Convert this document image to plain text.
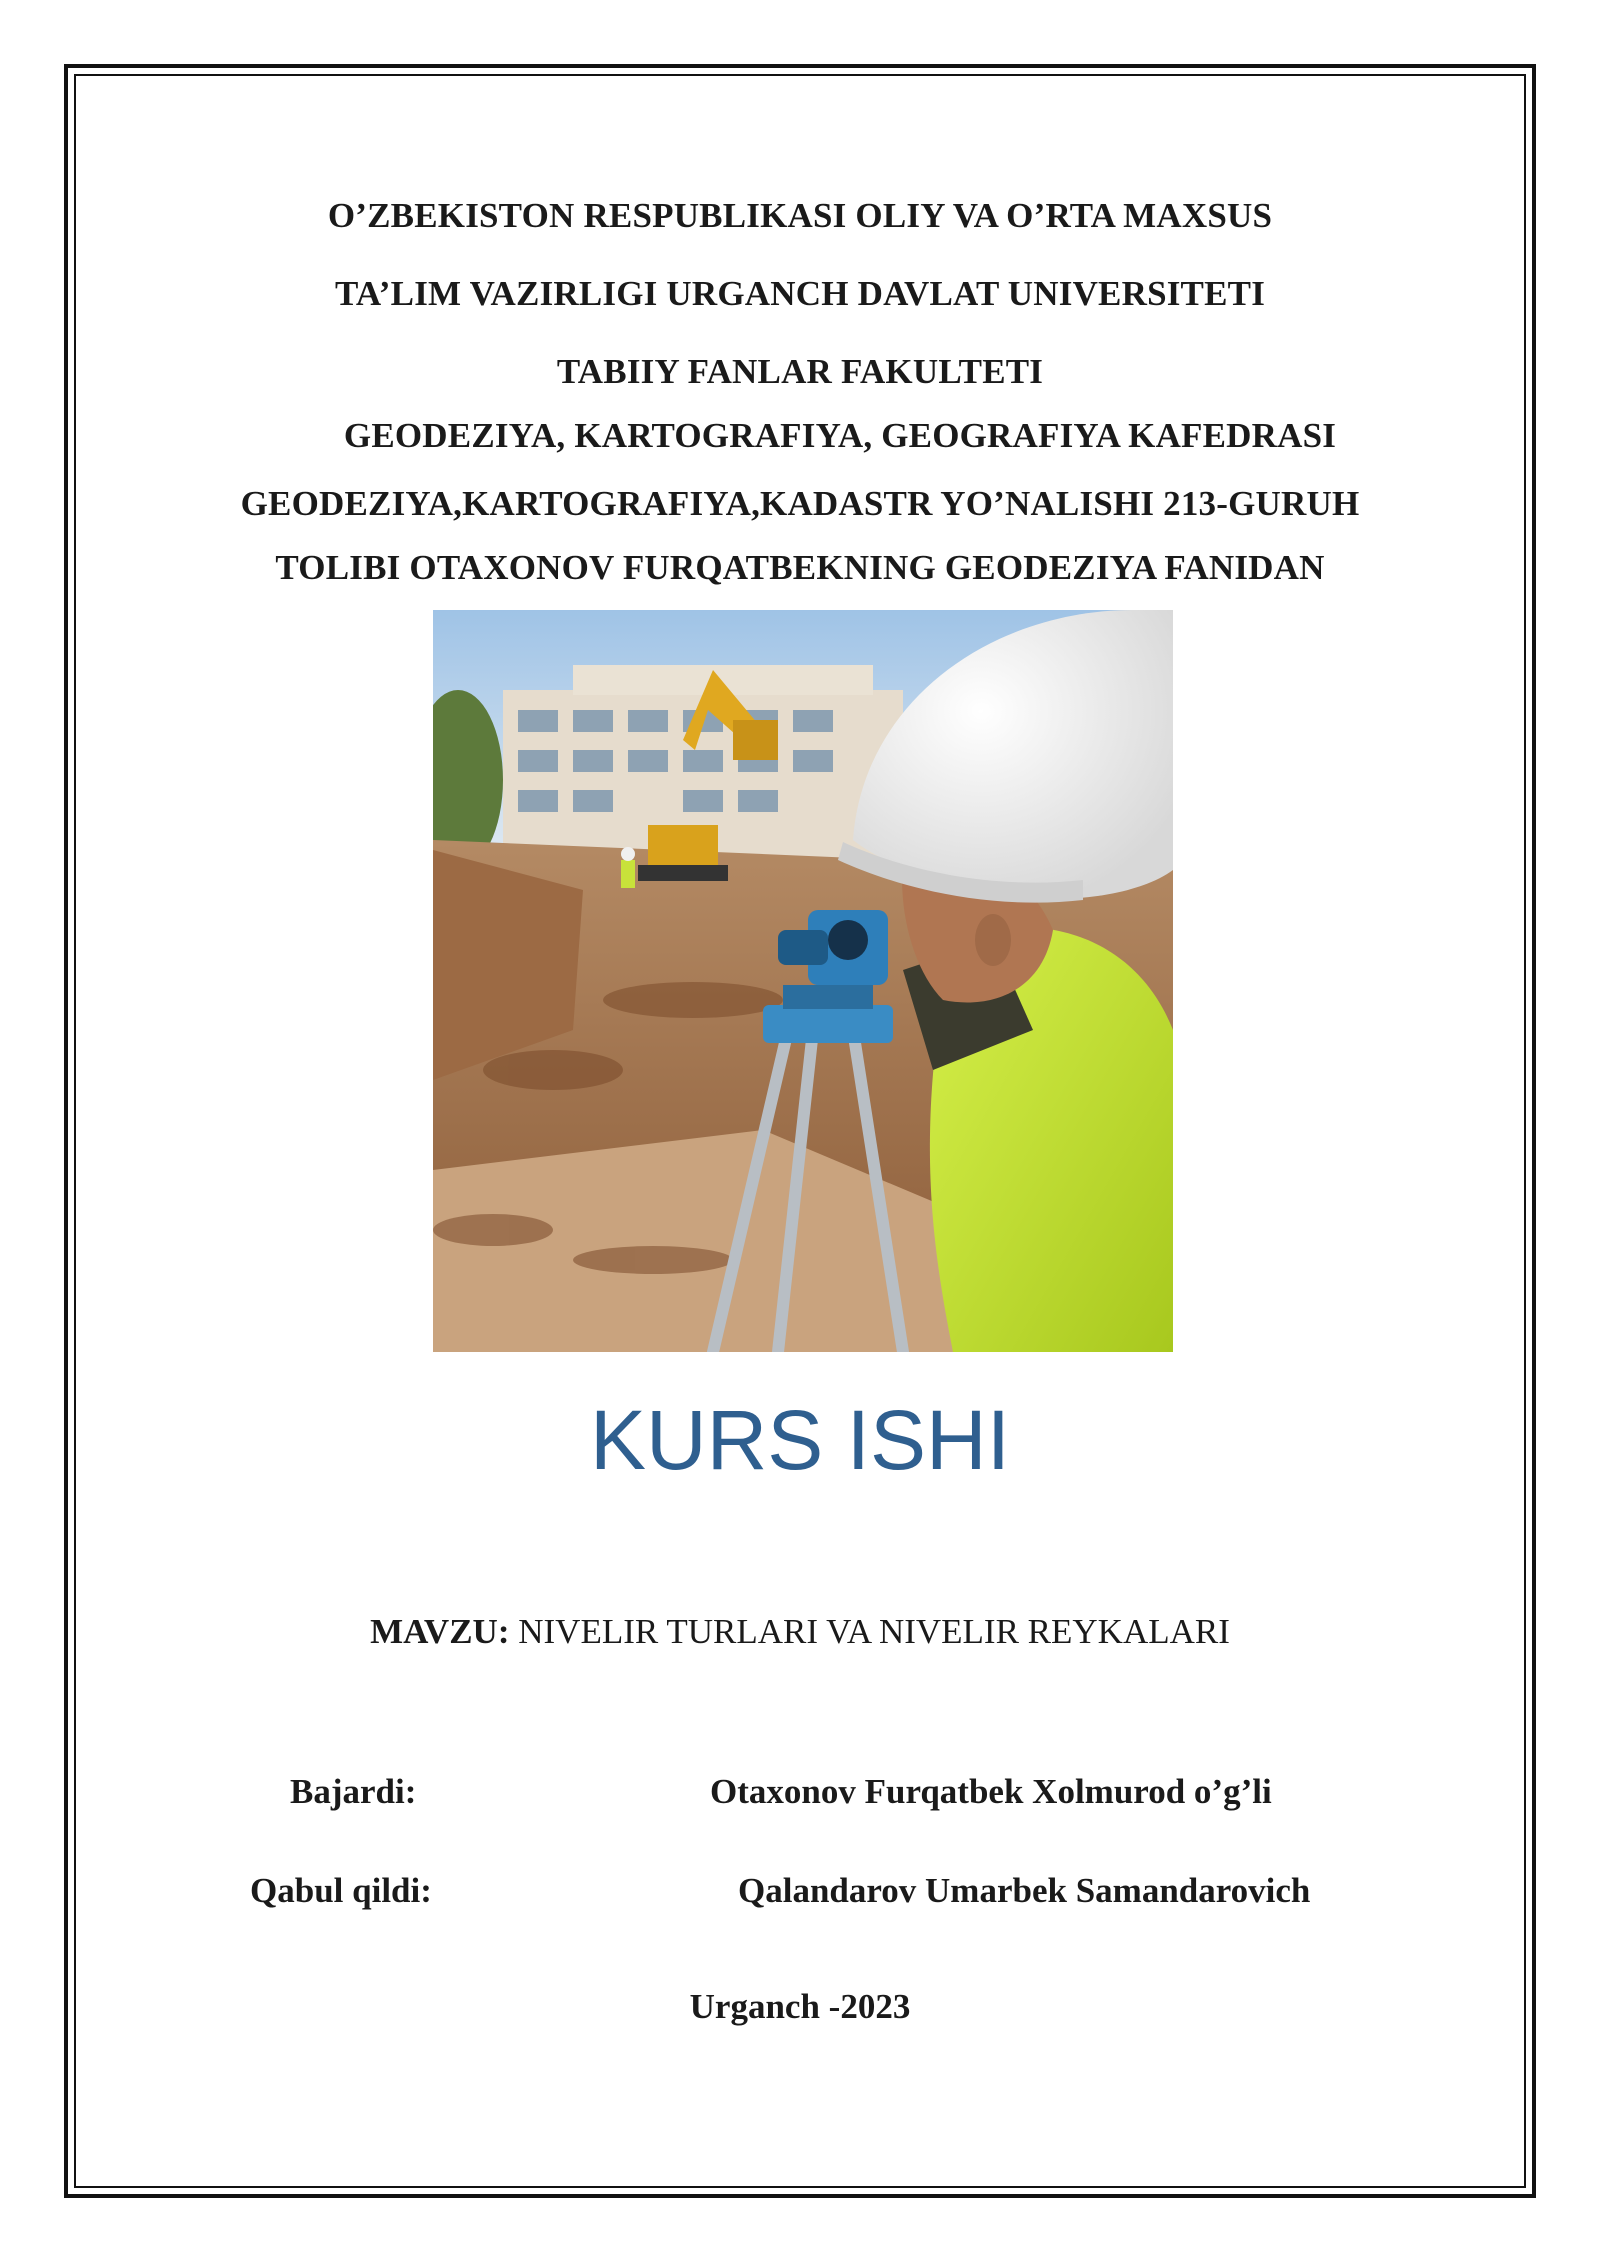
O’ZBEKISTON RESPUBLIKASI OLIY VA O’RTA MAXSUS
TA’LIM VAZIRLIGI URGANCH DAVLAT UNIVERSITETI
TABIIY FANLAR FAKULTETI
GEODEZIYA, KARTOGRAFIYA, GEOGRAFIYA KAFEDRASI
GEODEZIYA,KARTOGRAFIYA,KADASTR YO’NALISHI 213-GURUH
TOLIBI OTAXONOV FURQATBEKNING GEODEZIYA FANIDAN
KURS ISHI
MAVZU: NIVELIR TURLARI VA NIVELIR REYKALARI
Bajardi:	Otaxonov Furqatbek Xolmurod o’g’li
Qabul qildi:	Qalandarov Umarbek Samandarovich
Urganch -2023
